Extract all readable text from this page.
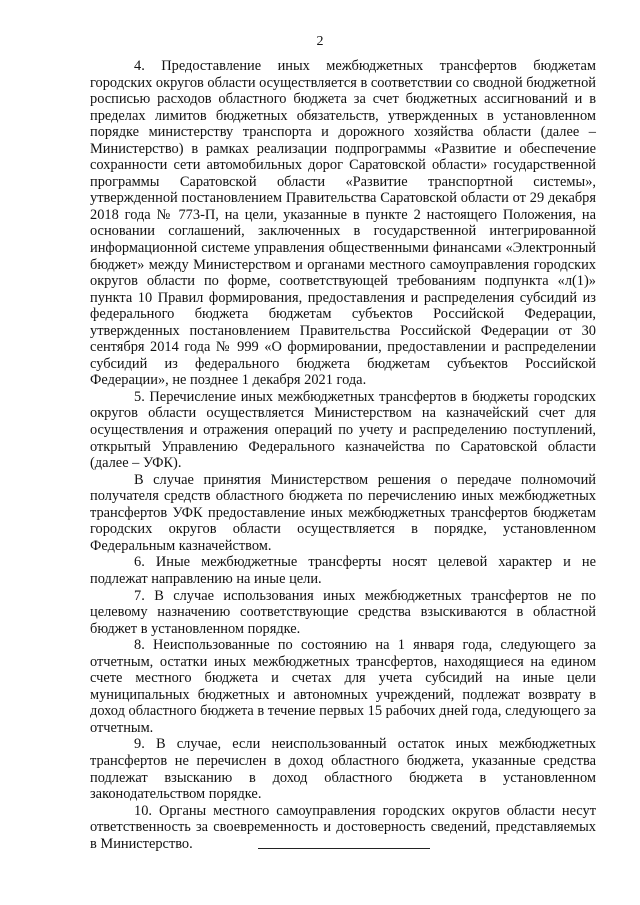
2

4. Предоставление иных межбюджетных трансфертов бюджетам городских округов области осуществляется в соответствии со сводной бюджетной росписью расходов областного бюджета за счет бюджетных ассигнований и в пределах лимитов бюджетных обязательств, утвержденных в установленном порядке министерству транспорта и дорожного хозяйства области (далее – Министерство) в рамках реализации подпрограммы «Развитие и обеспечение сохранности сети автомобильных дорог Саратовской области» государственной программы Саратовской области «Развитие транспортной системы», утвержденной постановлением Правительства Саратовской области от 29 декабря 2018 года № 773-П, на цели, указанные в пункте 2 настоящего Положения, на основании соглашений, заключенных в государственной интегрированной информационной системе управления общественными финансами «Электронный бюджет» между Министерством и органами местного самоуправления городских округов области по форме, соответствующей требованиям подпункта «л(1)» пункта 10 Правил формирования, предоставления и распределения субсидий из федерального бюджета бюджетам субъектов Российской Федерации, утвержденных постановлением Правительства Российской Федерации от 30 сентября 2014 года № 999 «О формировании, предоставлении и распределении субсидий из федерального бюджета бюджетам субъектов Российской Федерации», не позднее 1 декабря 2021 года.

5. Перечисление иных межбюджетных трансфертов в бюджеты городских округов области осуществляется Министерством на казначейский счет для осуществления и отражения операций по учету и распределению поступлений, открытый Управлению Федерального казначейства по Саратовской области (далее – УФК).

В случае принятия Министерством решения о передаче полномочий получателя средств областного бюджета по перечислению иных межбюджетных трансфертов УФК предоставление иных межбюджетных трансфертов бюджетам городских округов области осуществляется в порядке, установленном Федеральным казначейством.

6. Иные межбюджетные трансферты носят целевой характер и не подлежат направлению на иные цели.

7. В случае использования иных межбюджетных трансфертов не по целевому назначению соответствующие средства взыскиваются в областной бюджет в установленном порядке.

8. Неиспользованные по состоянию на 1 января года, следующего за отчетным, остатки иных межбюджетных трансфертов, находящиеся на едином счете местного бюджета и счетах для учета субсидий на иные цели муниципальных бюджетных и автономных учреждений, подлежат возврату в доход областного бюджета в течение первых 15 рабочих дней года, следующего за отчетным.

9. В случае, если неиспользованный остаток иных межбюджетных трансфертов не перечислен в доход областного бюджета, указанные средства подлежат взысканию в доход областного бюджета в установленном законодательством порядке.

10. Органы местного самоуправления городских округов области несут ответственность за своевременность и достоверность сведений, представляемых в Министерство.
